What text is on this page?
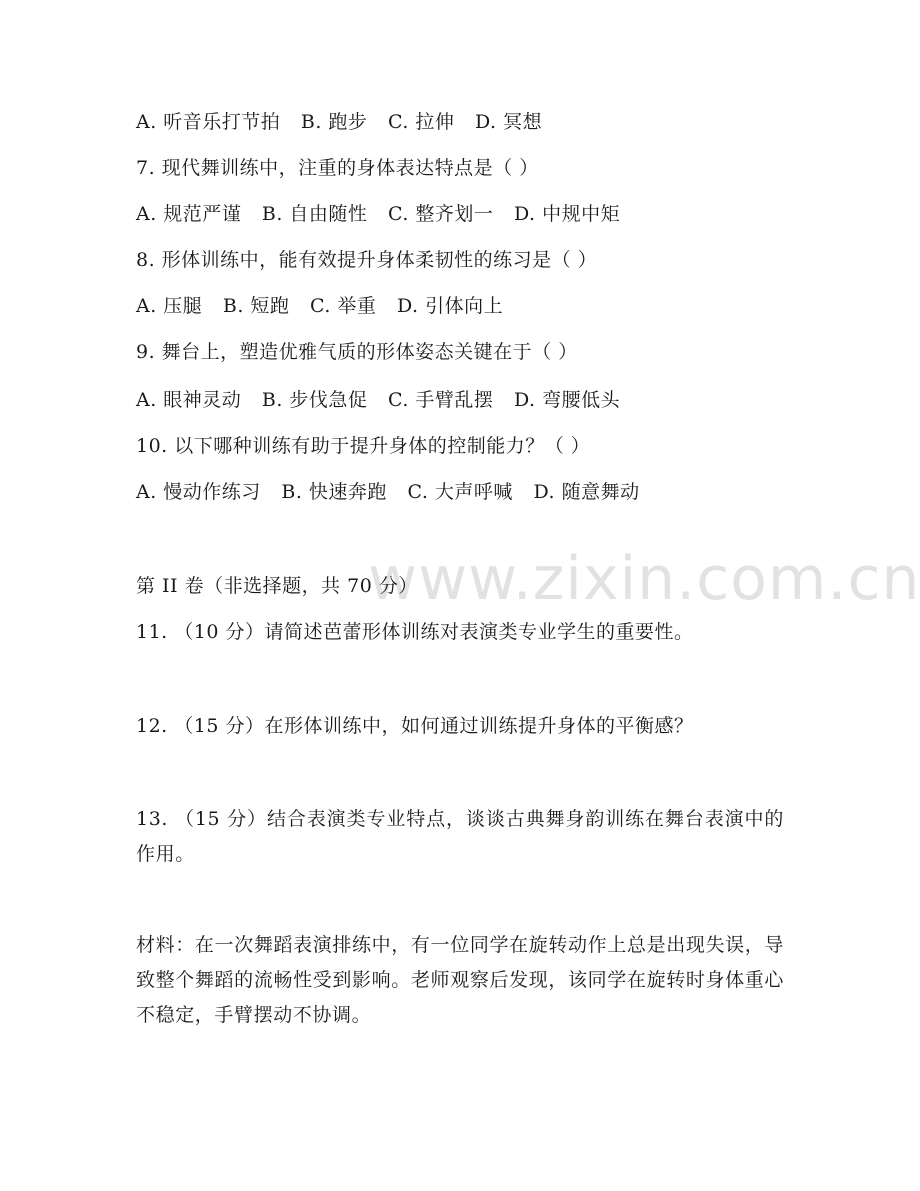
www.zixin.com.cn
A. 听音乐打节拍 B. 跑步 C. 拉伸 D. 冥想
7. 现代舞训练中，注重的身体表达特点是（ ）
A. 规范严谨 B. 自由随性 C. 整齐划一 D. 中规中矩
8. 形体训练中，能有效提升身体柔韧性的练习是（ ）
A. 压腿 B. 短跑 C. 举重 D. 引体向上
9. 舞台上，塑造优雅气质的形体姿态关键在于（ ）
A. 眼神灵动 B. 步伐急促 C. 手臂乱摆 D. 弯腰低头
10. 以下哪种训练有助于提升身体的控制能力？（ ）
A. 慢动作练习 B. 快速奔跑 C. 大声呼喊 D. 随意舞动
第 II 卷（非选择题，共 70 分）
11. （10 分）请简述芭蕾形体训练对表演类专业学生的重要性。
12. （15 分）在形体训练中，如何通过训练提升身体的平衡感？
13. （15 分）结合表演类专业特点，谈谈古典舞身韵训练在舞台表演中的作用。
材料：在一次舞蹈表演排练中，有一位同学在旋转动作上总是出现失误，导致整个舞蹈的流畅性受到影响。老师观察后发现，该同学在旋转时身体重心不稳定，手臂摆动不协调。
